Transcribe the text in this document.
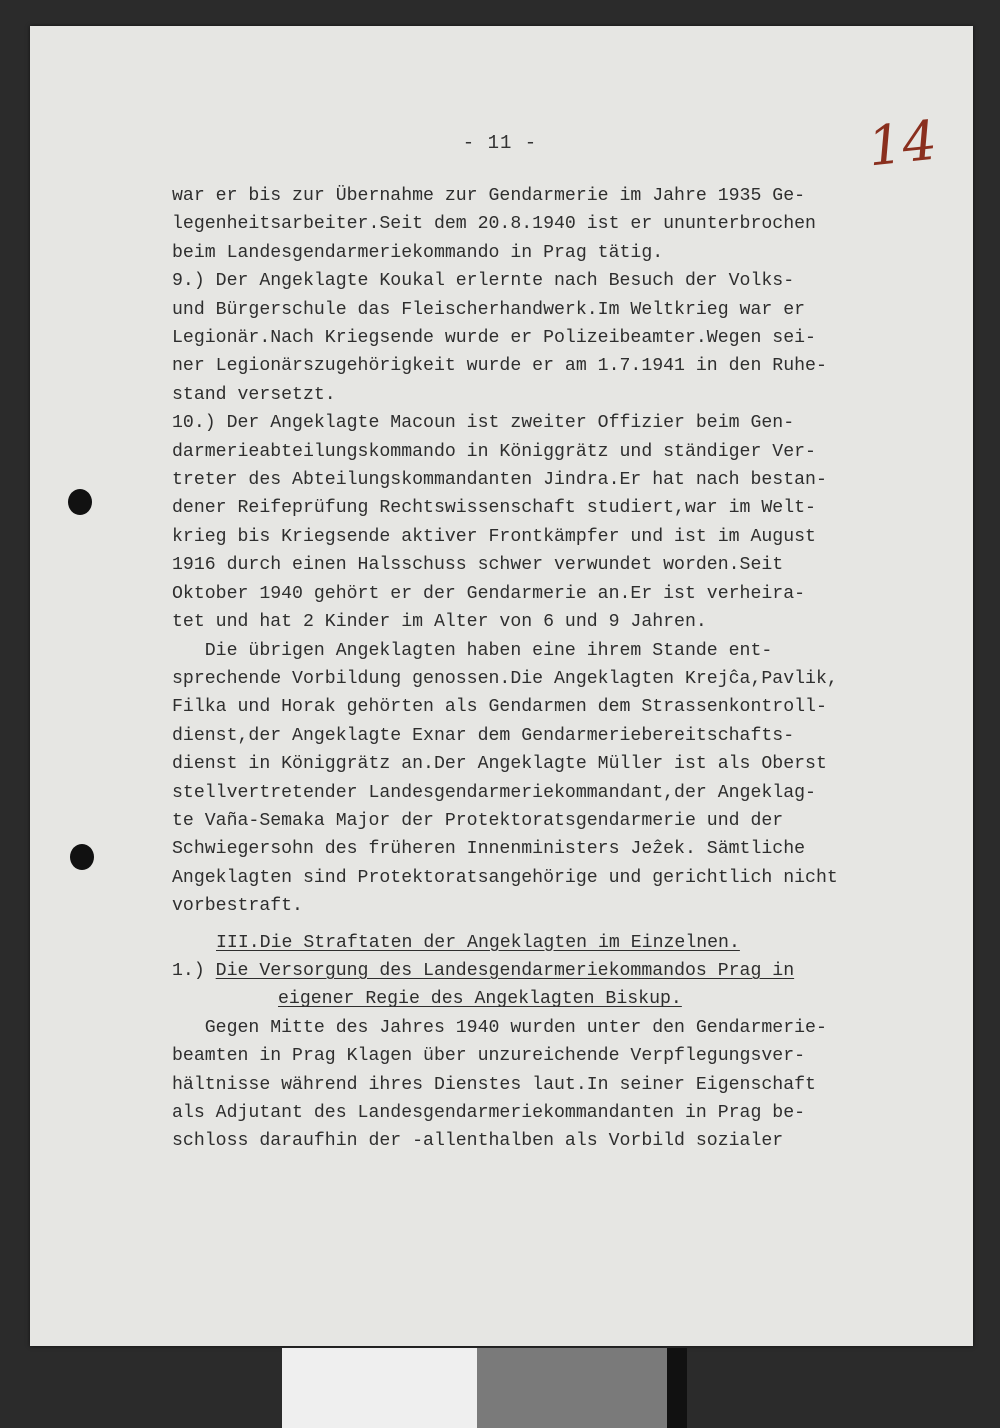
- 11 -	14
war er bis zur Übernahme zur Gendarmerie im Jahre 1935 Ge-
legenheitsarbeiter.Seit dem 20.8.1940 ist er ununterbrochen
beim Landesgendarmeriekommando in Prag tätig.
9.) Der Angeklagte Koukal erlernte nach Besuch der Volks-
und Bürgerschule das Fleischerhandwerk.Im Weltkrieg war er
Legionär.Nach Kriegsende wurde er Polizeibeamter.Wegen sei-
ner Legionärszugehörigkeit wurde er am 1.7.1941 in den Ruhe-
stand versetzt.
10.) Der Angeklagte Macoun ist zweiter Offizier beim Gen-
darmerieabteilungskommando in Königgrätz und ständiger Ver-
treter des Abteilungskommandanten Jindra.Er hat nach bestan-
dener Reifeprüfung Rechtswissenschaft studiert,war im Welt-
krieg bis Kriegsende aktiver Frontkämpfer und ist im August
1916 durch einen Halsschuss schwer verwundet worden.Seit
Oktober 1940 gehört er der Gendarmerie an.Er ist verheira-
tet und hat 2 Kinder im Alter von 6 und 9 Jahren.
Die übrigen Angeklagten haben eine ihrem Stande ent-
sprechende Vorbildung genossen.Die Angeklagten Krejĉa,Pavlik,
Filka und Horak gehörten als Gendarmen dem Strassenkontroll-
dienst,der Angeklagte Exnar dem Gendarmeriebereitschafts-
dienst in Königgrätz an.Der Angeklagte Müller ist als Oberst
stellvertretender Landesgendarmeriekommandant,der Angeklag-
te Vaña-Semaka Major der Protektoratsgendarmerie und der
Schwiegersohn des früheren Innenministers Jeẑek. Sämtliche
Angeklagten sind Protektoratsangehörige und gerichtlich nicht
vorbestraft.
III.Die Straftaten der Angeklagten im Einzelnen.
1.) Die Versorgung des Landesgendarmeriekommandos Prag in
eigener Regie des Angeklagten Biskup.
Gegen Mitte des Jahres 1940 wurden unter den Gendarmerie-
beamten in Prag Klagen über unzureichende Verpflegungsver-
hältnisse während ihres Dienstes laut.In seiner Eigenschaft
als Adjutant des Landesgendarmeriekommandanten in Prag be-
schloss daraufhin der -allenthalben als Vorbild sozialer
